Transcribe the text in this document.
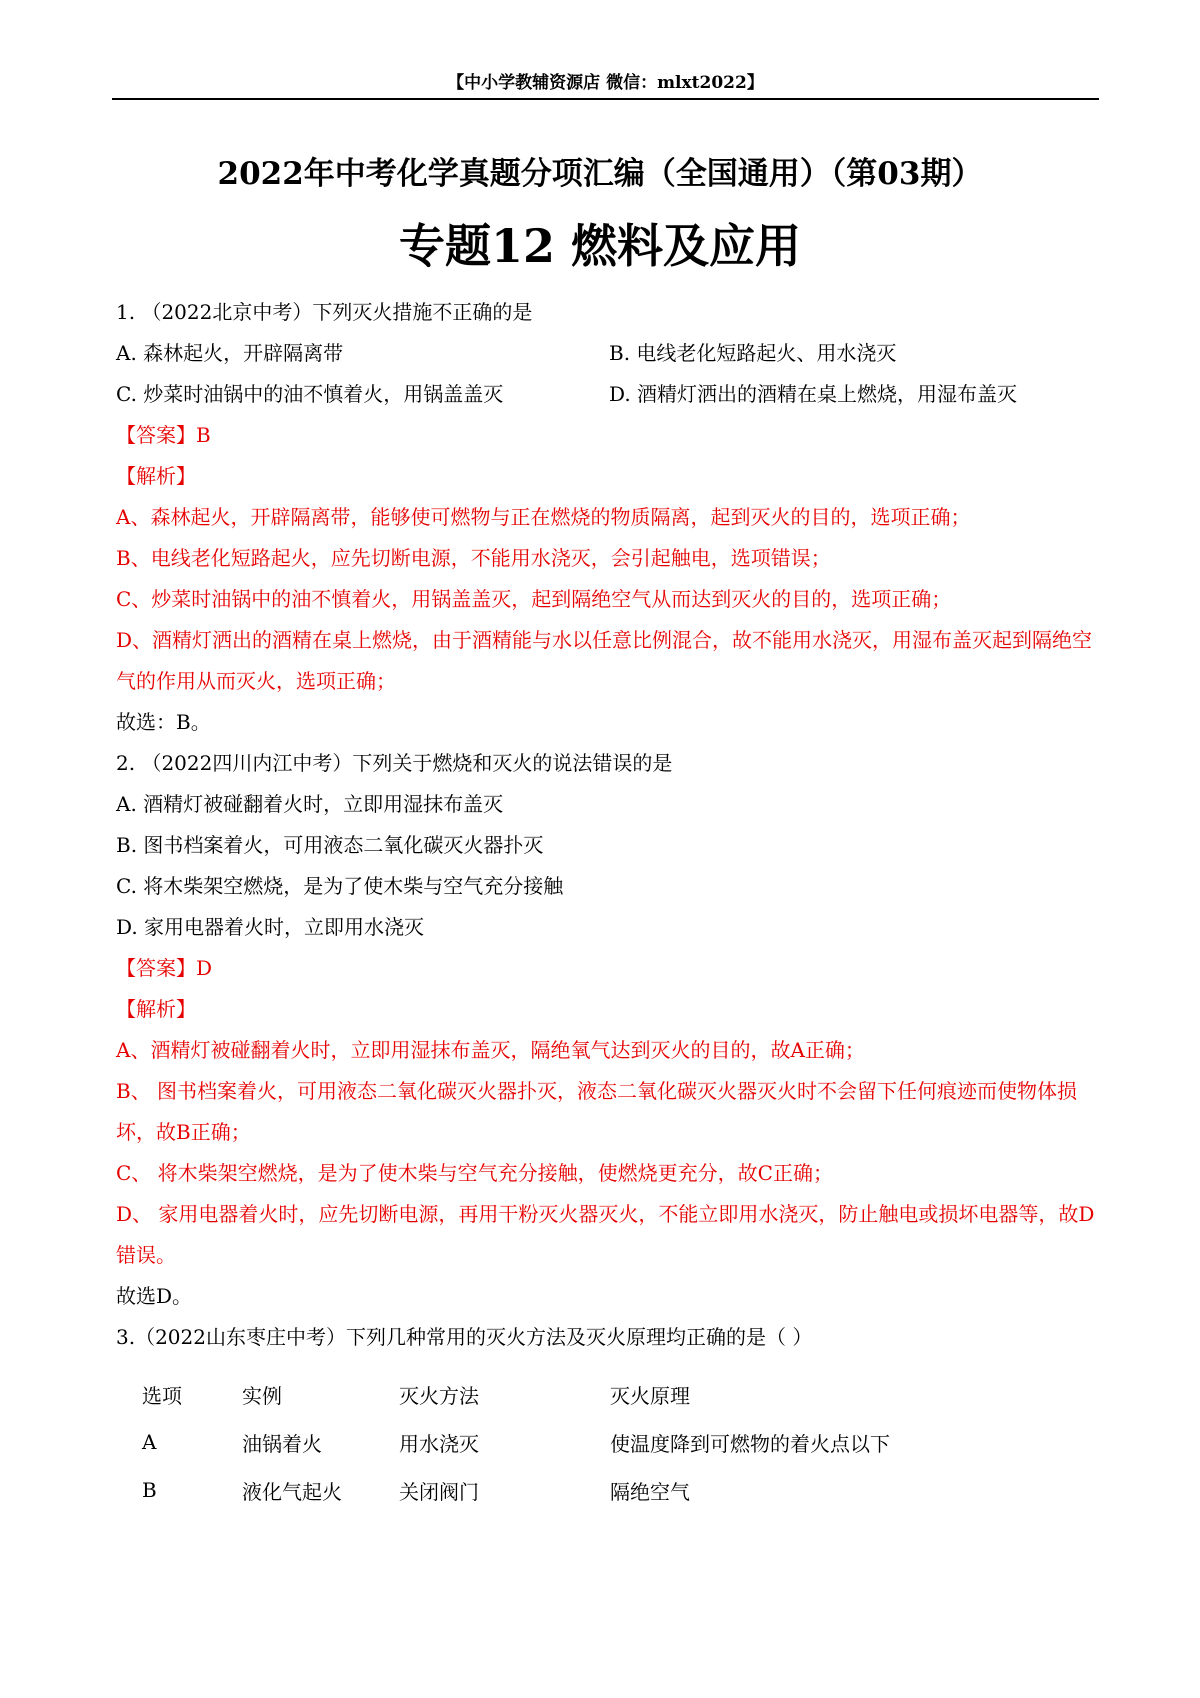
【中小学教辅资源店 微信：mlxt2022】
2022年中考化学真题分项汇编（全国通用）（第03期）
专题12 燃料及应用

1. （2022北京中考）下列灭火措施不正确的是

A. 森林起火，开辟隔离带	B. 电线老化短路起火、用水浇灭
C. 炒菜时油锅中的油不慎着火，用锅盖盖灭	D. 酒精灯洒出的酒精在桌上燃烧，用湿布盖灭

【答案】B

【解析】

A、森林起火，开辟隔离带，能够使可燃物与正在燃烧的物质隔离，起到灭火的目的，选项正确；

B、电线老化短路起火，应先切断电源，不能用水浇灭，会引起触电，选项错误；

C、炒菜时油锅中的油不慎着火，用锅盖盖灭，起到隔绝空气从而达到灭火的目的，选项正确；

D、酒精灯洒出的酒精在桌上燃烧，由于酒精能与水以任意比例混合，故不能用水浇灭，用湿布盖灭起到隔绝空气的作用从而灭火，选项正确；

故选：B。

2. （2022四川内江中考）下列关于燃烧和灭火的说法错误的是

A. 酒精灯被碰翻着火时，立即用湿抹布盖灭

B. 图书档案着火，可用液态二氧化碳灭火器扑灭

C. 将木柴架空燃烧，是为了使木柴与空气充分接触

D. 家用电器着火时，立即用水浇灭

【答案】D

【解析】

A、酒精灯被碰翻着火时，立即用湿抹布盖灭，隔绝氧气达到灭火的目的，故A正确；

B、 图书档案着火，可用液态二氧化碳灭火器扑灭，液态二氧化碳灭火器灭火时不会留下任何痕迹而使物体损坏，故B正确；

C、 将木柴架空燃烧，是为了使木柴与空气充分接触，使燃烧更充分，故C正确；

D、 家用电器着火时，应先切断电源，再用干粉灭火器灭火，不能立即用水浇灭，防止触电或损坏电器等，故D错误。

故选D。

3.（2022山东枣庄中考）下列几种常用的灭火方法及灭火原理均正确的是（ ）

选项	实例	灭火方法	灭火原理
A	油锅着火	用水浇灭	使温度降到可燃物的着火点以下
B	液化气起火	关闭阀门	隔绝空气
